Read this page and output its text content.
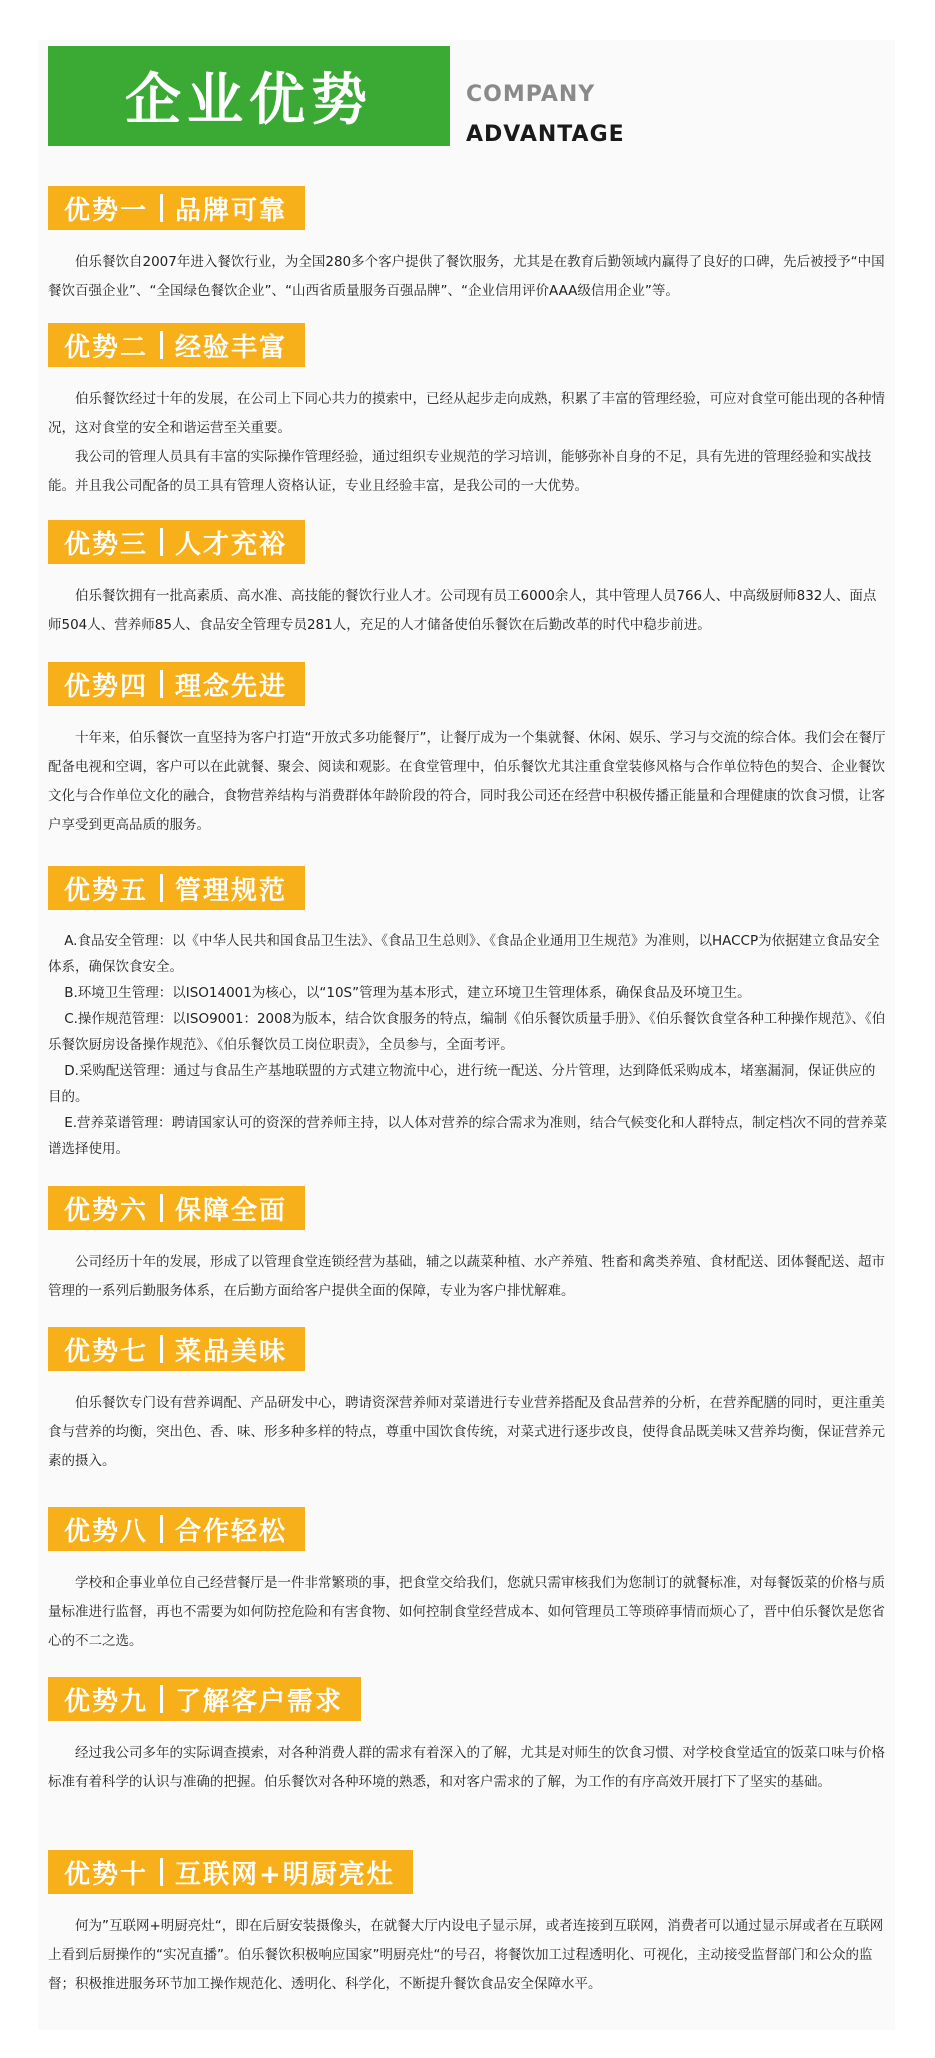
企业优势	COMPANY
ADVANTAGE
优势一 品牌可靠

伯乐餐饮自2007年进入餐饮行业，为全国280多个客户提供了餐饮服务，尤其是在教育后勤领域内赢得了良好的口碑，先后被授予“中国餐饮百强企业”、“全国绿色餐饮企业”、“山西省质量服务百强品牌”、“企业信用评价AAA级信用企业”等。

优势二 经验丰富

伯乐餐饮经过十年的发展，在公司上下同心共力的摸索中，已经从起步走向成熟，积累了丰富的管理经验，可应对食堂可能出现的各种情况，这对食堂的安全和谐运营至关重要。

我公司的管理人员具有丰富的实际操作管理经验，通过组织专业规范的学习培训，能够弥补自身的不足，具有先进的管理经验和实战技能。并且我公司配备的员工具有管理人资格认证，专业且经验丰富，是我公司的一大优势。

优势三 人才充裕

伯乐餐饮拥有一批高素质、高水准、高技能的餐饮行业人才。公司现有员工6000余人，其中管理人员766人、中高级厨师832人、面点师504人、营养师85人、食品安全管理专员281人，充足的人才储备使伯乐餐饮在后勤改革的时代中稳步前进。

优势四 理念先进

十年来，伯乐餐饮一直坚持为客户打造“开放式多功能餐厅”，让餐厅成为一个集就餐、休闲、娱乐、学习与交流的综合体。我们会在餐厅配备电视和空调，客户可以在此就餐、聚会、阅读和观影。在食堂管理中，伯乐餐饮尤其注重食堂装修风格与合作单位特色的契合、企业餐饮文化与合作单位文化的融合，食物营养结构与消费群体年龄阶段的符合，同时我公司还在经营中积极传播正能量和合理健康的饮食习惯，让客户享受到更高品质的服务。

优势五 管理规范

A.食品安全管理：以《中华人民共和国食品卫生法》、《食品卫生总则》、《食品企业通用卫生规范》为准则，以HACCP为依据建立食品安全体系，确保饮食安全。

B.环境卫生管理：以ISO14001为核心，以“10S”管理为基本形式，建立环境卫生管理体系，确保食品及环境卫生。

C.操作规范管理：以ISO9001：2008为版本，结合饮食服务的特点，编制《伯乐餐饮质量手册》、《伯乐餐饮食堂各种工种操作规范》、《伯乐餐饮厨房设备操作规范》、《伯乐餐饮员工岗位职责》，全员参与，全面考评。

D.采购配送管理：通过与食品生产基地联盟的方式建立物流中心，进行统一配送、分片管理，达到降低采购成本，堵塞漏洞，保证供应的目的。

E.营养菜谱管理：聘请国家认可的资深的营养师主持，以人体对营养的综合需求为准则，结合气候变化和人群特点，制定档次不同的营养菜谱选择使用。

优势六 保障全面

公司经历十年的发展，形成了以管理食堂连锁经营为基础，辅之以蔬菜种植、水产养殖、牲畜和禽类养殖、食材配送、团体餐配送、超市管理的一系列后勤服务体系，在后勤方面给客户提供全面的保障，专业为客户排忧解难。

优势七 菜品美味

伯乐餐饮专门设有营养调配、产品研发中心，聘请资深营养师对菜谱进行专业营养搭配及食品营养的分析，在营养配膳的同时，更注重美食与营养的均衡，突出色、香、味、形多种多样的特点，尊重中国饮食传统，对菜式进行逐步改良，使得食品既美味又营养均衡，保证营养元素的摄入。

优势八 合作轻松

学校和企事业单位自己经营餐厅是一件非常繁琐的事，把食堂交给我们，您就只需审核我们为您制订的就餐标准，对每餐饭菜的价格与质量标准进行监督，再也不需要为如何防控危险和有害食物、如何控制食堂经营成本、如何管理员工等琐碎事情而烦心了，晋中伯乐餐饮是您省心的不二之选。

优势九 了解客户需求

经过我公司多年的实际调查摸索，对各种消费人群的需求有着深入的了解，尤其是对师生的饮食习惯、对学校食堂适宜的饭菜口味与价格标准有着科学的认识与准确的把握。伯乐餐饮对各种环境的熟悉，和对客户需求的了解，为工作的有序高效开展打下了坚实的基础。

优势十 互联网+明厨亮灶

何为”互联网+明厨亮灶“，即在后厨安装摄像头，在就餐大厅内设电子显示屏，或者连接到互联网，消费者可以通过显示屏或者在互联网上看到后厨操作的“实况直播”。伯乐餐饮积极响应国家”明厨亮灶“的号召，将餐饮加工过程透明化、可视化，主动接受监督部门和公众的监督；积极推进服务环节加工操作规范化、透明化、科学化，不断提升餐饮食品安全保障水平。
